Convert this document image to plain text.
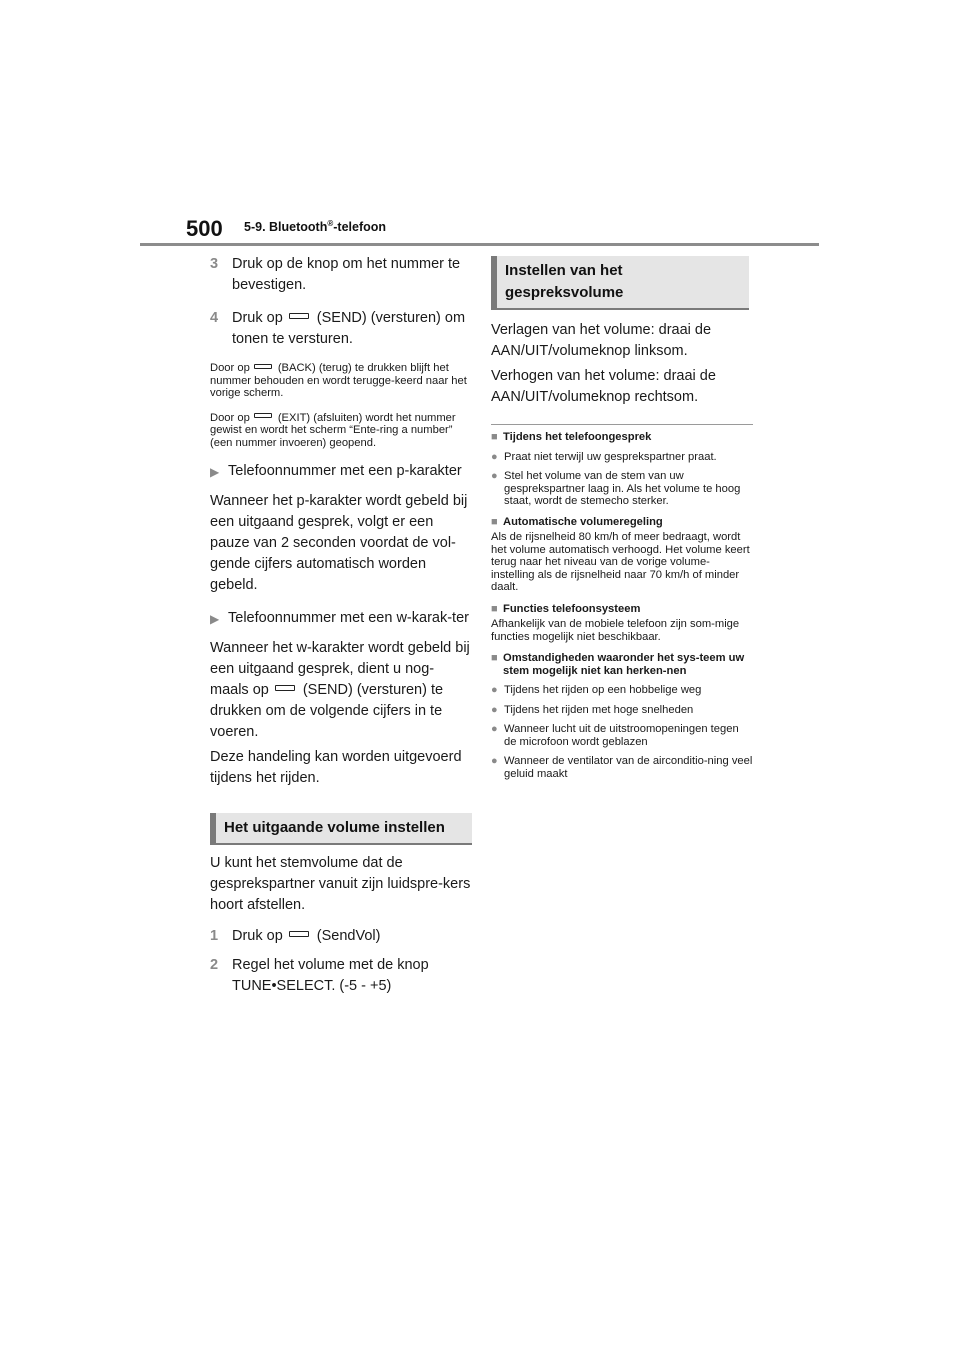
500 5-9. Bluetooth®-telefoon
3 Druk op de knop om het nummer te bevestigen.
4 Druk op (SEND) (versturen) om tonen te versturen.

Door op	(BACK) (terug) te drukken blijft het nummer behouden en wordt terugge-keerd naar het vorige scherm.

Door op	(EXIT) (afsluiten) wordt het nummer gewist en wordt het scherm “Ente-ring a number” (een nummer invoeren) geopend.

▶ Telefoonnummer met een p-karakter

Wanneer het p-karakter wordt gebeld bij een uitgaand gesprek, volgt er een pauze van 2 seconden voordat de vol-gende cijfers automatisch worden gebeld.

▶ Telefoonnummer met een w-karak-ter

Wanneer het w-karakter wordt gebeld bij een uitgaand gesprek, dient u nog-maals op (SEND) (versturen) te drukken om de volgende cijfers in te voeren.

Deze handeling kan worden uitgevoerd tijdens het rijden.

Het uitgaande volume instellen

U kunt het stemvolume dat de gesprekspartner vanuit zijn luidspre-kers hoort afstellen.

1 Druk op (SendVol)
2 Regel het volume met de knop TUNE•SELECT. (-5 - +5)
Instellen van het gespreksvolume

Verlagen van het volume: draai de AAN/UIT/volumeknop linksom.

Verhogen van het volume: draai de AAN/UIT/volumeknop rechtsom.

■ Tijdens het telefoongesprek
● Praat niet terwijl uw gesprekspartner praat.
● Stel het volume van de stem van uw gesprekspartner laag in. Als het volume te hoog staat, wordt de stemecho sterker.
■ Automatische volumeregeling

Als de rijsnelheid 80 km/h of meer bedraagt, wordt het volume automatisch verhoogd. Het volume keert terug naar het niveau van de vorige volume-instelling als de rijsnelheid naar 70 km/h of minder daalt.

■ Functies telefoonsysteem

Afhankelijk van de mobiele telefoon zijn som-mige functies mogelijk niet beschikbaar.

■ Omstandigheden waaronder het sys-teem uw stem mogelijk niet kan herken-nen
● Tijdens het rijden op een hobbelige weg
● Tijdens het rijden met hoge snelheden
● Wanneer lucht uit de uitstroomopeningen tegen de microfoon wordt geblazen
● Wanneer de ventilator van de airconditio-ning veel geluid maakt
